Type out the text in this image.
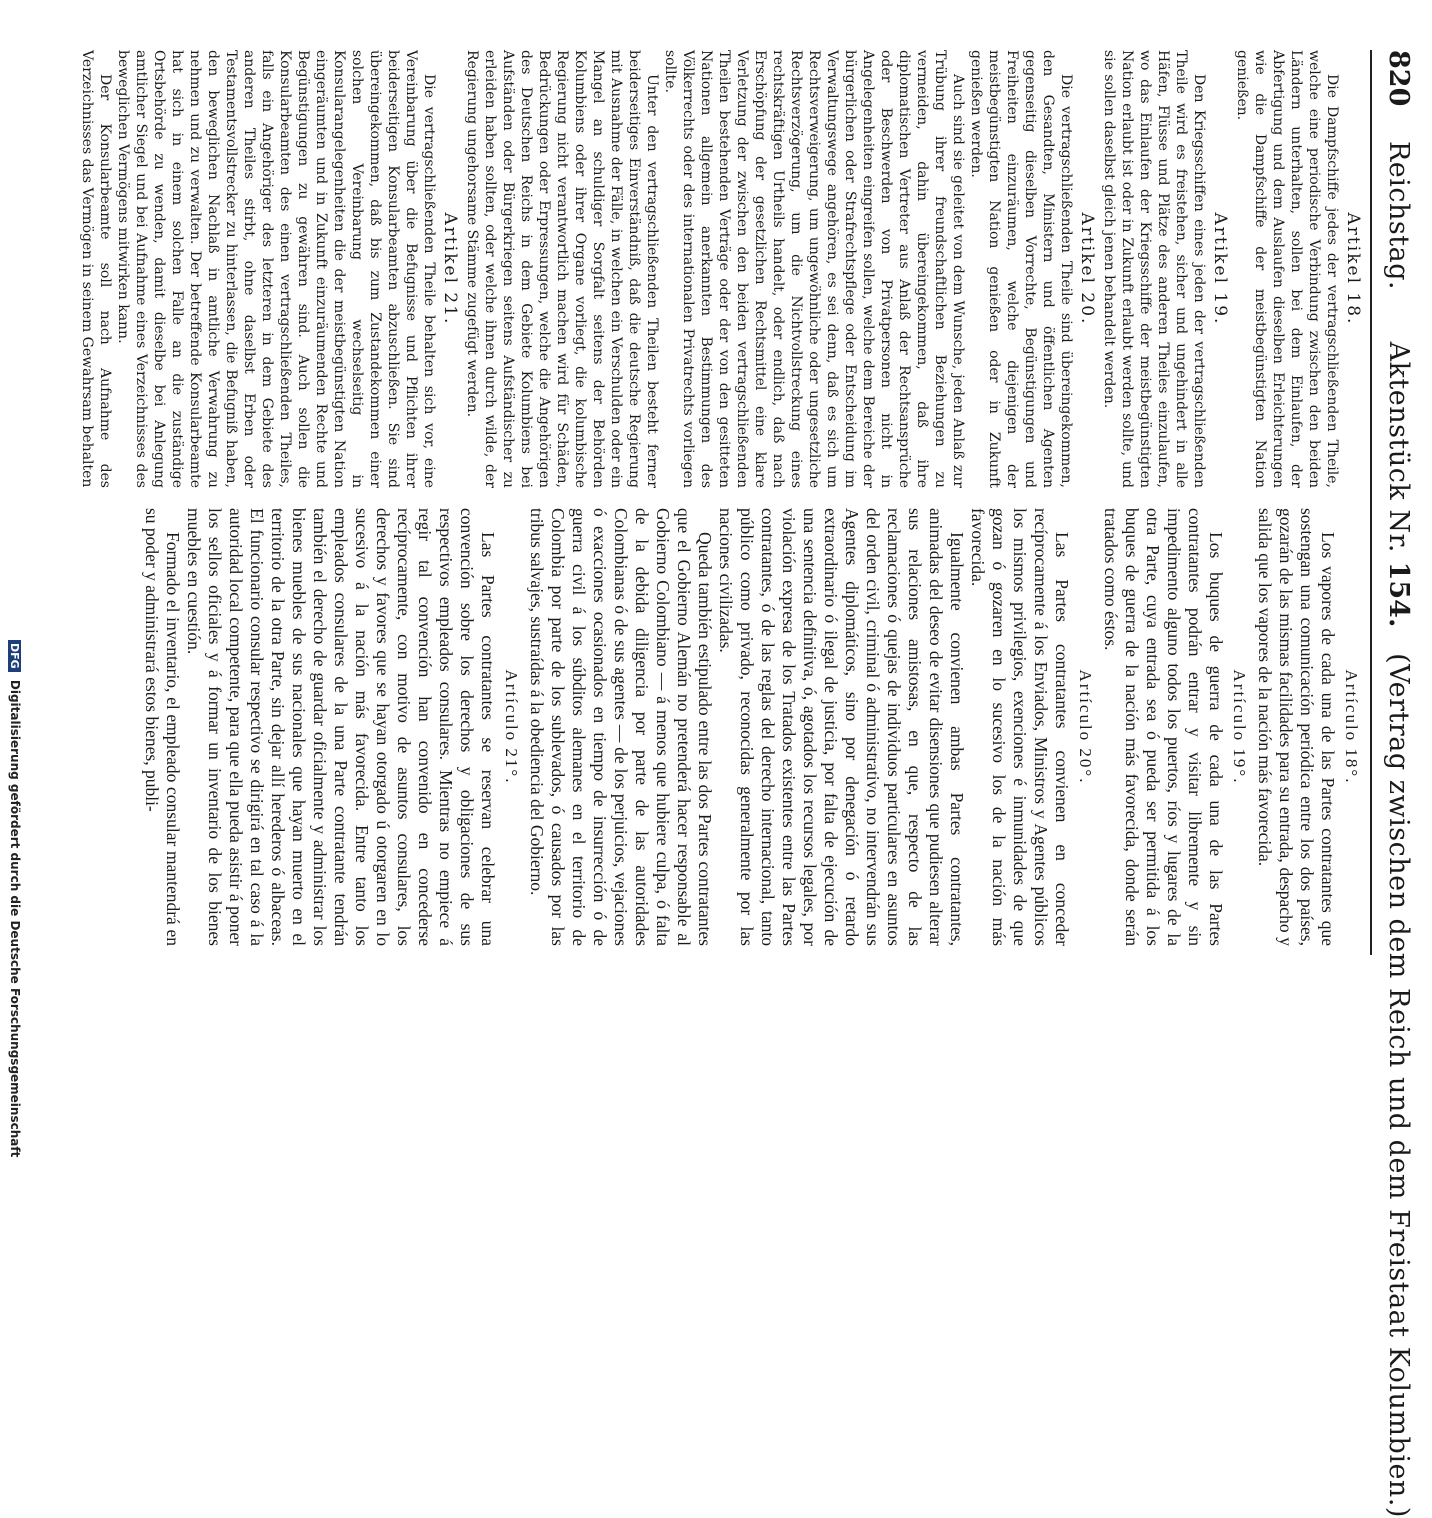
820 Reichstag.      Aktenstück Nr. 154.   (Vertrag zwischen dem Reich und dem Freistaat Kolumbien.)
Artikel 18.

Die Dampfschiffe jedes der vertragschließenden Theile, welche eine periodische Verbindung zwischen den beiden Ländern unterhalten, sollen bei dem Einlaufen, der Abfertigung und dem Auslaufen dieselben Erleichterungen wie die Dampfschiffe der meistbegünstigten Nation genießen.

Artikel 19.

Den Kriegsschiffen eines jeden der vertragschließenden Theile wird es freistehen, sicher und ungehindert in alle Häfen, Flüsse und Plätze des anderen Theiles einzulaufen, wo das Einlaufen der Kriegsschiffe der meistbegünstigten Nation erlaubt ist oder in Zukunft erlaubt werden sollte, und sie sollen daselbst gleich jenen behandelt werden.

Artikel 20.

Die vertragschließenden Theile sind übereingekommen, den Gesandten, Ministern und öffentlichen Agenten gegenseitig dieselben Vorrechte, Begünstigungen und Freiheiten einzuräumen, welche diejenigen der meistbegünstigten Nation genießen oder in Zukunft genießen werden.

Auch sind sie geleitet von dem Wunsche, jeden Anlaß zur Trübung ihrer freundschaftlichen Beziehungen zu vermeiden, dahin übereingekommen, daß ihre diplomatischen Vertreter aus Anlaß der Rechtsansprüche oder Beschwerden von Privatpersonen nicht in Angelegenheiten eingreifen sollen, welche dem Bereiche der bürgerlichen oder Strafrechtspflege oder Entscheidung im Verwaltungswege angehören, es sei denn, daß es sich um Rechtsverweigerung, um ungewöhnliche oder ungesetzliche Rechtsverzögerung, um die Nichtvollstreckung eines rechtskräftigen Urtheils handelt, oder endlich, daß nach Erschöpfung der gesetzlichen Rechtsmittel eine klare Verletzung der zwischen den beiden vertragschließenden Theilen bestehenden Verträge oder der von den gesitteten Nationen allgemein anerkannten Bestimmungen des Völkerrechts oder des internationalen Privatrechts vorliegen sollte.

Unter den vertragschließenden Theilen besteht ferner beiderseitiges Einverständniß, daß die deutsche Regierung mit Ausnahme der Fälle, in welchen ein Verschulden oder ein Mangel an schuldiger Sorgfalt seitens der Behörden Kolumbiens oder ihrer Organe vorliegt, die kolumbische Regierung nicht verantwortlich machen wird für Schäden, Bedrückungen oder Erpressungen, welche die Angehörigen des Deutschen Reichs in dem Gebiete Kolumbiens bei Aufständen oder Bürgerkriegen seitens Aufständischer zu erleiden haben sollten, oder welche ihnen durch wilde, der Regierung ungehorsame Stämme zugefügt werden.

Artikel 21.

Die vertragschließenden Theile behalten sich vor, eine Vereinbarung über die Befugnisse und Pflichten ihrer beiderseitigen Konsularbeamten abzuschließen. Sie sind übereingekommen, daß bis zum Zustandekommen einer solchen Vereinbarung wechselseitig in Konsularangelegenheiten die der meistbegünstigten Nation eingeräumten und in Zukunft einzuräumenden Rechte und Begünstigungen zu gewähren sind. Auch sollen die Konsularbeamten des einen vertragschließenden Theiles, falls ein Angehöriger des letzteren in dem Gebiete des anderen Theiles stirbt, ohne daselbst Erben oder Testamentsvollstrecker zu hinterlassen, die Befugniß haben, den beweglichen Nachlaß in amtliche Verwahrung zu nehmen und zu verwalten. Der betreffende Konsularbeamte hat sich in einem solchen Falle an die zuständige Ortsbehörde zu wenden, damit dieselbe bei Anlegung amtlicher Siegel und bei Aufnahme eines Verzeichnisses des beweglichen Vermögens mitwirken kann.

Der Konsularbeamte soll nach Aufnahme des Verzeichnisses das Vermögen in seinem Gewahrsam behalten

Artículo 18°.

Los vapores de cada una de las Partes contratantes que sostengan una comunicación periódica entre los dos países, gozarán de las mismas facilidades para su entrada, despacho y salida que los vapores de la nación más favorecida.

Artículo 19°.

Los buques de guerra de cada una de las Partes contratantes podrán entrar y visitar libremente y sin impedimento alguno todos los puertos, ríos y lugares de la otra Parte, cuya entrada sea ó pueda ser permitida á los buques de guerra de la nación más favorecida, donde serán tratados como éstos.

Artículo 20°.

Las Partes contratantes convienen en conceder recíprocamente á los Enviados, Ministros y Agentes públicos los mismos privilegios, exenciones é inmunidades de que gozan ó gozaren en lo sucesivo los de la nación más favorecida.

Igualmente convienen ambas Partes contratantes, animadas del deseo de evitar disensiones que pudiesen alterar sus relaciones amistosas, en que, respecto de las reclamaciones ó quejas de individuos particulares en asuntos del orden civil, criminal ó administrativo, no intervendrán sus Agentes diplomáticos, sino por denegación ó retardo extraordinario ó ilegal de justicia, por falta de ejecución de una sentencia definitiva, ó, agotados los recursos legales, por violación expresa de los Tratados existentes entre las Partes contratantes, ó de las reglas del derecho internacional, tanto público como privado, reconocidas generalmente por las naciones civilizadas.

Queda también estipulado entre las dos Partes contratantes que el Gobierno Alemán no pretenderá hacer responsable al Gobierno Colombiano — á menos que hubiere culpa, ó falta de la debida diligencia por parte de las autoridades Colombianas ó de sus agentes — de los perjuicios, vejaciones ó exacciones ocasionados en tiempo de insurrección ó de guerra civil á los súbditos alemanes en el territorio de Colombia por parte de los sublevados, ó causados por las tribus salvajes, sustraídas á la obediencia del Gobierno.

Artículo 21°.

Las Partes contratantes se reservan celebrar una convención sobre los derechos y obligaciones de sus respectivos empleados consulares. Mientras no empiece á regir tal convención han convenido en concederse recíprocamente, con motivo de asuntos consulares, los derechos y favores que se hayan otorgado ú otorgaren en lo sucesivo á la nación más favorecida. Entre tanto los empleados consulares de la una Parte contratante tendrán también el derecho de guardar oficialmente y administrar los bienes muebles de sus nacionales que hayan muerto en el territorio de la otra Parte, sin dejar allí herederos ó albaceas. El funcionario consular respectivo se dirigirá en tal caso á la autoridad local competente, para que ella pueda asistir á poner los sellos oficiales y á formar un inventario de los bienes muebles en cuestión.

Formado el inventario, el empleado consular mantendrá en su poder y administrará estos bienes, publi-

DFG Digitalisierung gefördert durch die Deutsche Forschungsgemeinschaft
